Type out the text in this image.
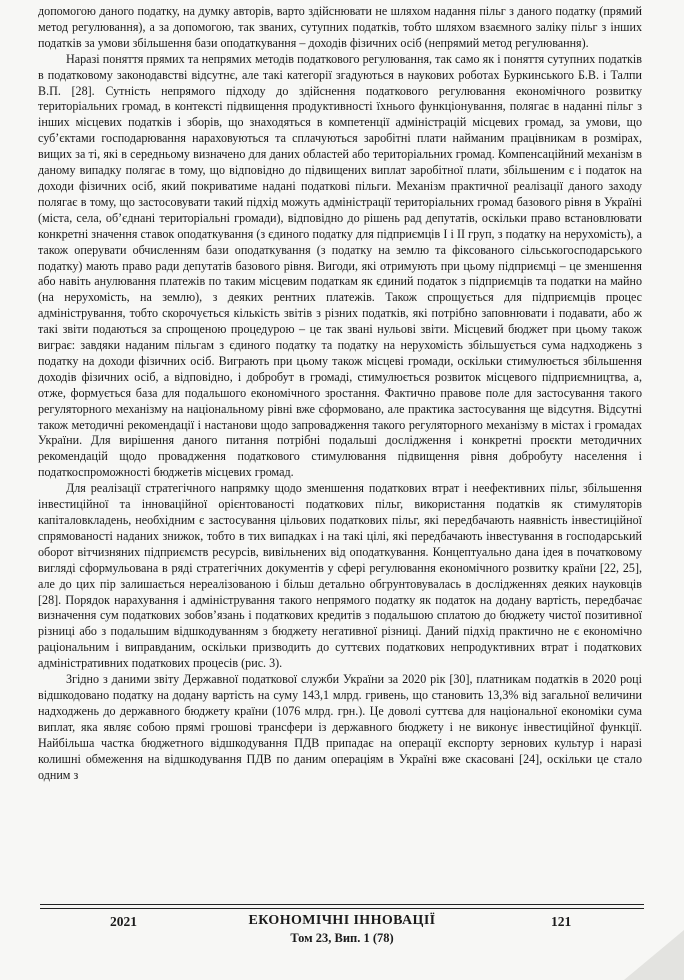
допомогою даного податку, на думку авторів, варто здійснювати не шляхом надання пільг з даного податку (прямий метод регулювання), а за допомогою, так званих, сутупних податків, тобто шляхом взаємного заліку пільг з інших податків за умови збільшення бази оподаткування – доходів фізичних осіб (непрямий метод регулювання).

Наразі поняття прямих та непрямих методів податкового регулювання, так само як і поняття сутупних податків в податковому законодавстві відсутнє, але такі категорії згадуються в наукових роботах Буркинського Б.В. і Талпи В.П. [28]. Сутність непрямого підходу до здійснення податкового регулювання економічного розвитку територіальних громад, в контексті підвищення продуктивності їхнього функціонування, полягає в наданні пільг з інших місцевих податків і зборів, що знаходяться в компетенції адміністрацій місцевих громад, за умови, що суб’єктами господарювання нараховуються та сплачуються заробітні плати найманим працівникам в розмірах, вищих за ті, які в середньому визначено для даних областей або територіальних громад. Компенсаційний механізм в даному випадку полягає в тому, що відповідно до підвищених виплат заробітної плати, збільшеним є і податок на доходи фізичних осіб, який покриватиме надані податкові пільги. Механізм практичної реалізації даного заходу полягає в тому, що застосовувати такий підхід можуть адміністрації територіальних громад базового рівня в Україні (міста, села, об’єднані територіальні громади), відповідно до рішень рад депутатів, оскільки право встановлювати конкретні значення ставок оподаткування (з єдиного податку для підприємців I і II груп, з податку на нерухомість), а також оперувати обчисленням бази оподаткування (з податку на землю та фіксованого сільськогосподарського податку) мають право ради депутатів базового рівня. Вигоди, які отримують при цьому підприємці – це зменшення або навіть анулювання платежів по таким місцевим податкам як єдиний податок з підприємців та податки на майно (на нерухомість, на землю), з деяких рентних платежів. Також спрощується для підприємців процес адміністрування, тобто скорочується кількість звітів з різних податків, які потрібно заповнювати і подавати, або ж такі звіти подаються за спрощеною процедурою – це так звані нульові звіти. Місцевий бюджет при цьому також виграє: завдяки наданим пільгам з єдиного податку та податку на нерухомість збільшується сума надходжень з податку на доходи фізичних осіб. Виграють при цьому також місцеві громади, оскільки стимулюється збільшення доходів фізичних осіб, а відповідно, і добробут в громаді, стимулюється розвиток місцевого підприємництва, а, отже, формується база для подальшого економічного зростання. Фактично правове поле для застосування такого регуляторного механізму на національному рівні вже сформовано, але практика застосування ще відсутня. Відсутні також методичні рекомендації і настанови щодо запровадження такого регуляторного механізму в містах і громадах України. Для вирішення даного питання потрібні подальші дослідження і конкретні проєкти методичних рекомендацій щодо провадження податкового стимулювання підвищення рівня добробуту населення і податкоспроможності бюджетів місцевих громад.

Для реалізації стратегічного напрямку щодо зменшення податкових втрат і неефективних пільг, збільшення інвестиційної та інноваційної орієнтованості податкових пільг, використання податків як стимуляторів капіталовкладень, необхідним є застосування цільових податкових пільг, які передбачають наявність інвестиційної спрямованості наданих знижок, тобто в тих випадках і на такі цілі, які передбачають інвестування в господарський оборот вітчизняних підприємств ресурсів, вивільнених від оподаткування. Концептуально дана ідея в початковому вигляді сформульована в ряді стратегічних документів у сфері регулювання економічного розвитку країни [22, 25], але до цих пір залишається нереалізованою і більш детально обгрунтовувалась в дослідженнях деяких науковців [28]. Порядок нарахування і адміністрування такого непрямого податку як податок на додану вартість, передбачає визначення сум податкових зобов’язань і податкових кредитів з подальшою сплатою до бюджету чистої позитивної різниці або з подальшим відшкодуванням з бюджету негативної різниці. Даний підхід практично не є економічно раціональним і виправданим, оскільки призводить до суттєвих податкових непродуктивних втрат і податкових адміністративних податкових процесів (рис. 3).

Згідно з даними звіту Державної податкової служби України за 2020 рік [30], платникам податків в 2020 році відшкодовано податку на додану вартість на суму 143,1 млрд. гривень, що становить 13,3% від загальної величини надходжень до державного бюджету країни (1076 млрд. грн.). Це доволі суттєва для національної економіки сума виплат, яка являє собою прямі грошові трансфери із державного бюджету і не виконує інвестиційної функції. Найбільша частка бюджетного відшкодування ПДВ припадає на операції експорту зернових культур і наразі колишні обмеження на відшкодування ПДВ по даним операціям в Україні вже скасовані [24], оскільки це стало одним з

2021	ЕКОНОМІЧНІ ІННОВАЦІЇ
Том 23, Вип. 1 (78)
121
